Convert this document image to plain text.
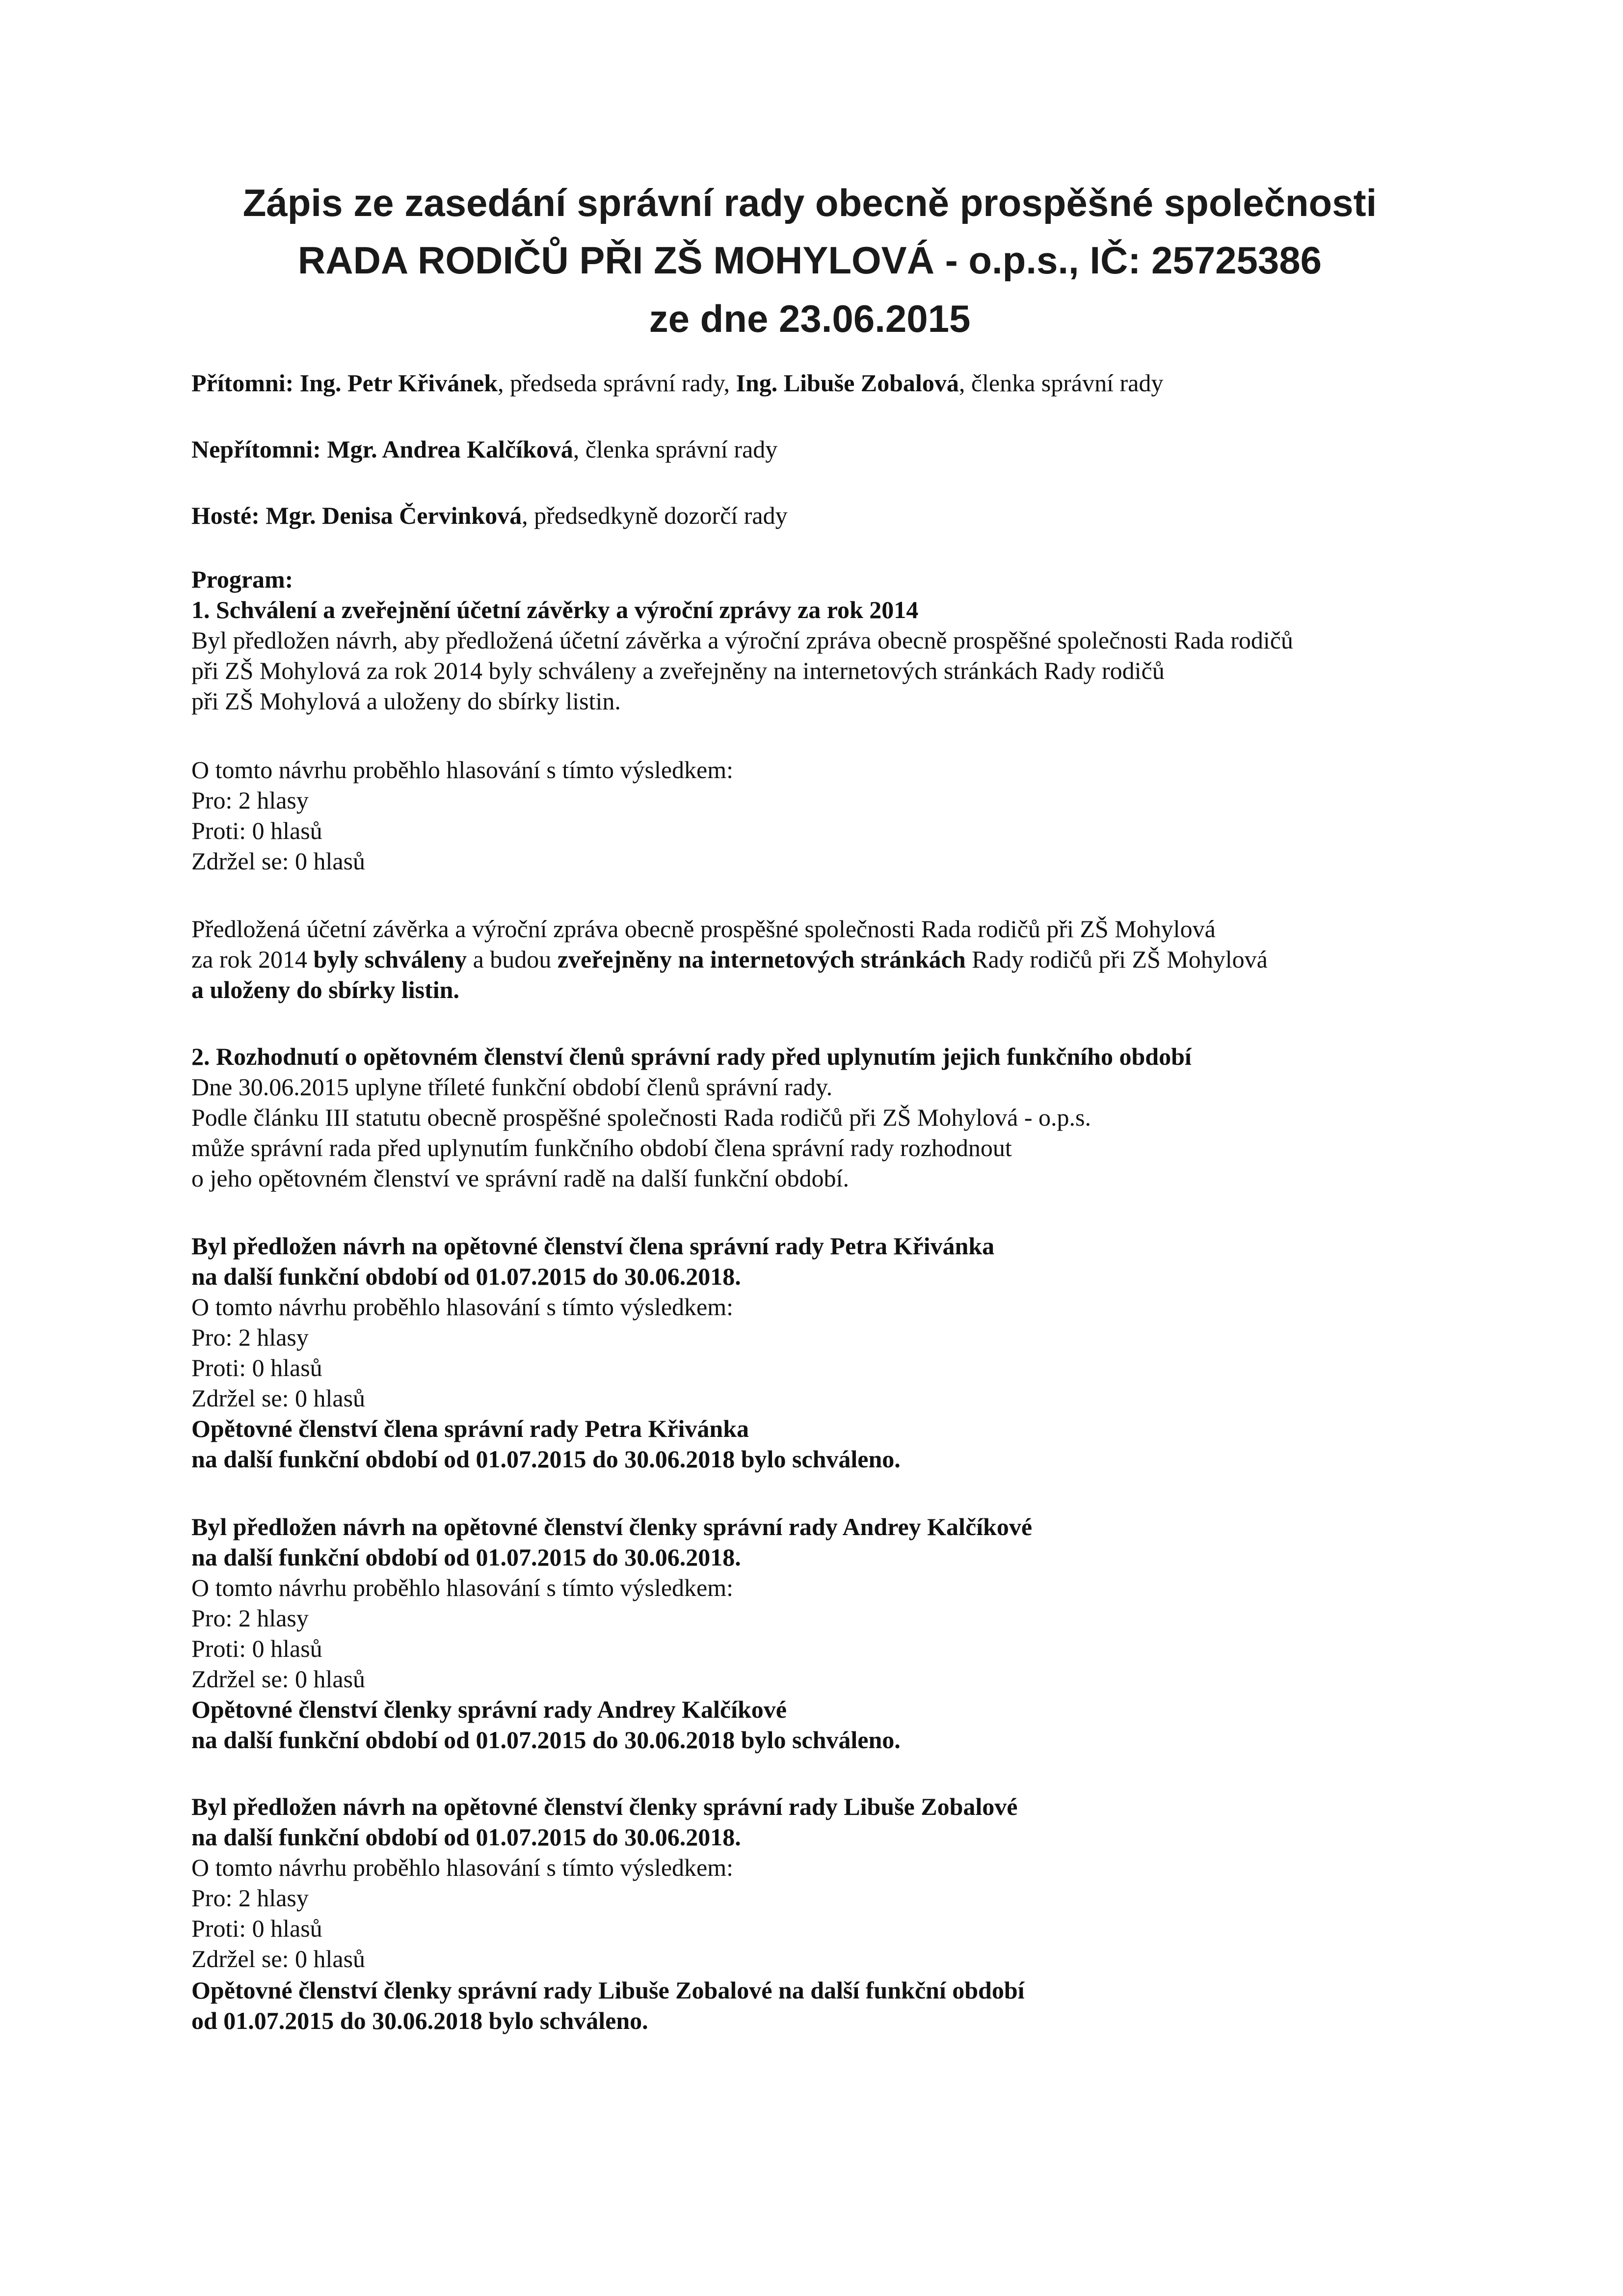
Zápis ze zasedání správní rady obecně prospěšné společnosti
RADA RODIČŮ PŘI ZŠ MOHYLOVÁ - o.p.s., IČ: 25725386
ze dne 23.06.2015
Přítomni: Ing. Petr Křivánek, předseda správní rady, Ing. Libuše Zobalová, členka správní rady
Nepřítomni: Mgr. Andrea Kalčíková, členka správní rady
Hosté: Mgr. Denisa Červinková, předsedkyně dozorčí rady
Program:
1. Schválení a zveřejnění účetní závěrky a výroční zprávy za rok 2014
Byl předložen návrh, aby předložená účetní závěrka a výroční zpráva obecně prospěšné společnosti Rada rodičů
při ZŠ Mohylová za rok 2014 byly schváleny a zveřejněny na internetových stránkách Rady rodičů
při ZŠ Mohylová a uloženy do sbírky listin.
O tomto návrhu proběhlo hlasování s tímto výsledkem:
Pro: 2 hlasy
Proti: 0 hlasů
Zdržel se: 0 hlasů
Předložená účetní závěrka a výroční zpráva obecně prospěšné společnosti Rada rodičů při ZŠ Mohylová
za rok 2014 byly schváleny a budou zveřejněny na internetových stránkách Rady rodičů při ZŠ Mohylová
a uloženy do sbírky listin.
2. Rozhodnutí o opětovném členství členů správní rady před uplynutím jejich funkčního období
Dne 30.06.2015 uplyne tříleté funkční období členů správní rady.
Podle článku III statutu obecně prospěšné společnosti Rada rodičů při ZŠ Mohylová - o.p.s.
může správní rada před uplynutím funkčního období člena správní rady rozhodnout
o jeho opětovném členství ve správní radě na další funkční období.
Byl předložen návrh na opětovné členství člena správní rady Petra Křivánka
na další funkční období od 01.07.2015 do 30.06.2018.
O tomto návrhu proběhlo hlasování s tímto výsledkem:
Pro: 2 hlasy
Proti: 0 hlasů
Zdržel se: 0 hlasů
Opětovné členství člena správní rady Petra Křivánka
na další funkční období od 01.07.2015 do 30.06.2018 bylo schváleno.
Byl předložen návrh na opětovné členství členky správní rady Andrey Kalčíkové
na další funkční období od 01.07.2015 do 30.06.2018.
O tomto návrhu proběhlo hlasování s tímto výsledkem:
Pro: 2 hlasy
Proti: 0 hlasů
Zdržel se: 0 hlasů
Opětovné členství členky správní rady Andrey Kalčíkové
na další funkční období od 01.07.2015 do 30.06.2018 bylo schváleno.
Byl předložen návrh na opětovné členství členky správní rady Libuše Zobalové
na další funkční období od 01.07.2015 do 30.06.2018.
O tomto návrhu proběhlo hlasování s tímto výsledkem:
Pro: 2 hlasy
Proti: 0 hlasů
Zdržel se: 0 hlasů
Opětovné členství členky správní rady Libuše Zobalové na další funkční období
od 01.07.2015 do 30.06.2018 bylo schváleno.
